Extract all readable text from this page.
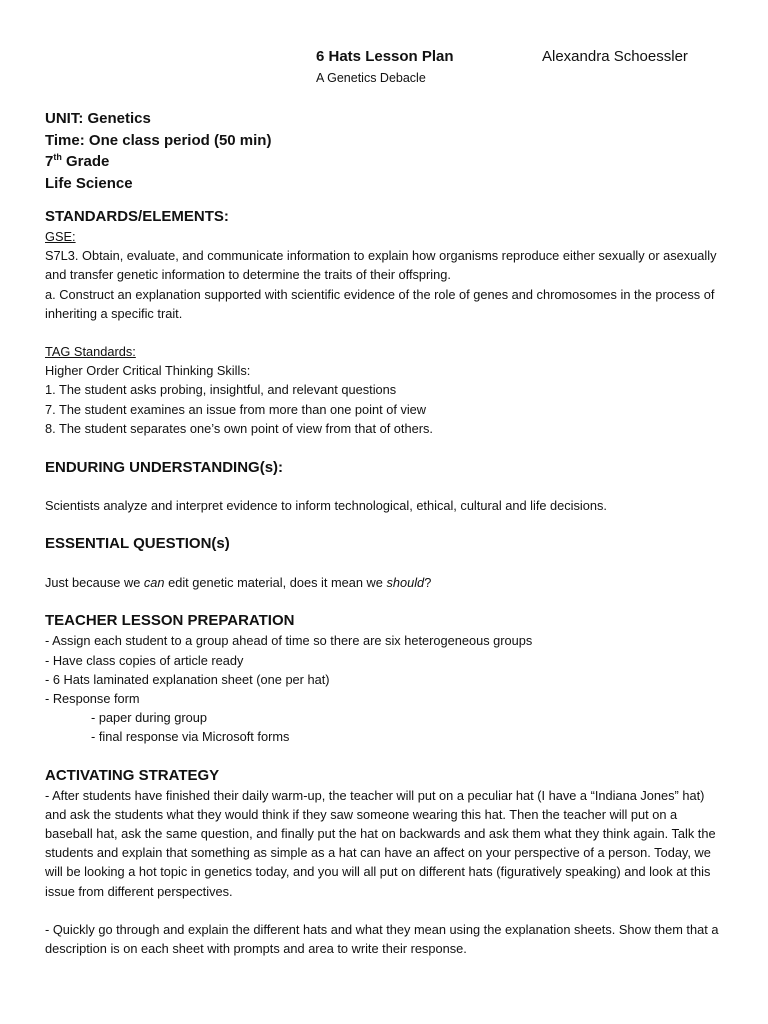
6 Hats Lesson Plan	Alexandra Schoessler
A Genetics Debacle
UNIT: Genetics
Time: One class period (50 min)
7th Grade
Life Science
STANDARDS/ELEMENTS:
GSE:
S7L3. Obtain, evaluate, and communicate information to explain how organisms reproduce either sexually or asexually and transfer genetic information to determine the traits of their offspring.
a. Construct an explanation supported with scientific evidence of the role of genes and chromosomes in the process of inheriting a specific trait.
TAG Standards:
Higher Order Critical Thinking Skills:
1. The student asks probing, insightful, and relevant questions
7. The student examines an issue from more than one point of view
8. The student separates one’s own point of view from that of others.
ENDURING UNDERSTANDING(s):
Scientists analyze and interpret evidence to inform technological, ethical, cultural and life decisions.
ESSENTIAL QUESTION(s)
Just because we can edit genetic material, does it mean we should?
TEACHER LESSON PREPARATION
- Assign each student to a group ahead of time so there are six heterogeneous groups
- Have class copies of article ready
- 6 Hats laminated explanation sheet (one per hat)
- Response form
- paper during group
- final response via Microsoft forms
ACTIVATING STRATEGY
- After students have finished their daily warm-up, the teacher will put on a peculiar hat (I have a “Indiana Jones” hat) and ask the students what they would think if they saw someone wearing this hat. Then the teacher will put on a baseball hat, ask the same question, and finally put the hat on backwards and ask them what they think again. Talk the students and explain that something as simple as a hat can have an affect on your perspective of a person. Today, we will be looking a hot topic in genetics today, and you will all put on different hats (figuratively speaking) and look at this issue from different perspectives.
- Quickly go through and explain the different hats and what they mean using the explanation sheets. Show them that a description is on each sheet with prompts and area to write their response.
